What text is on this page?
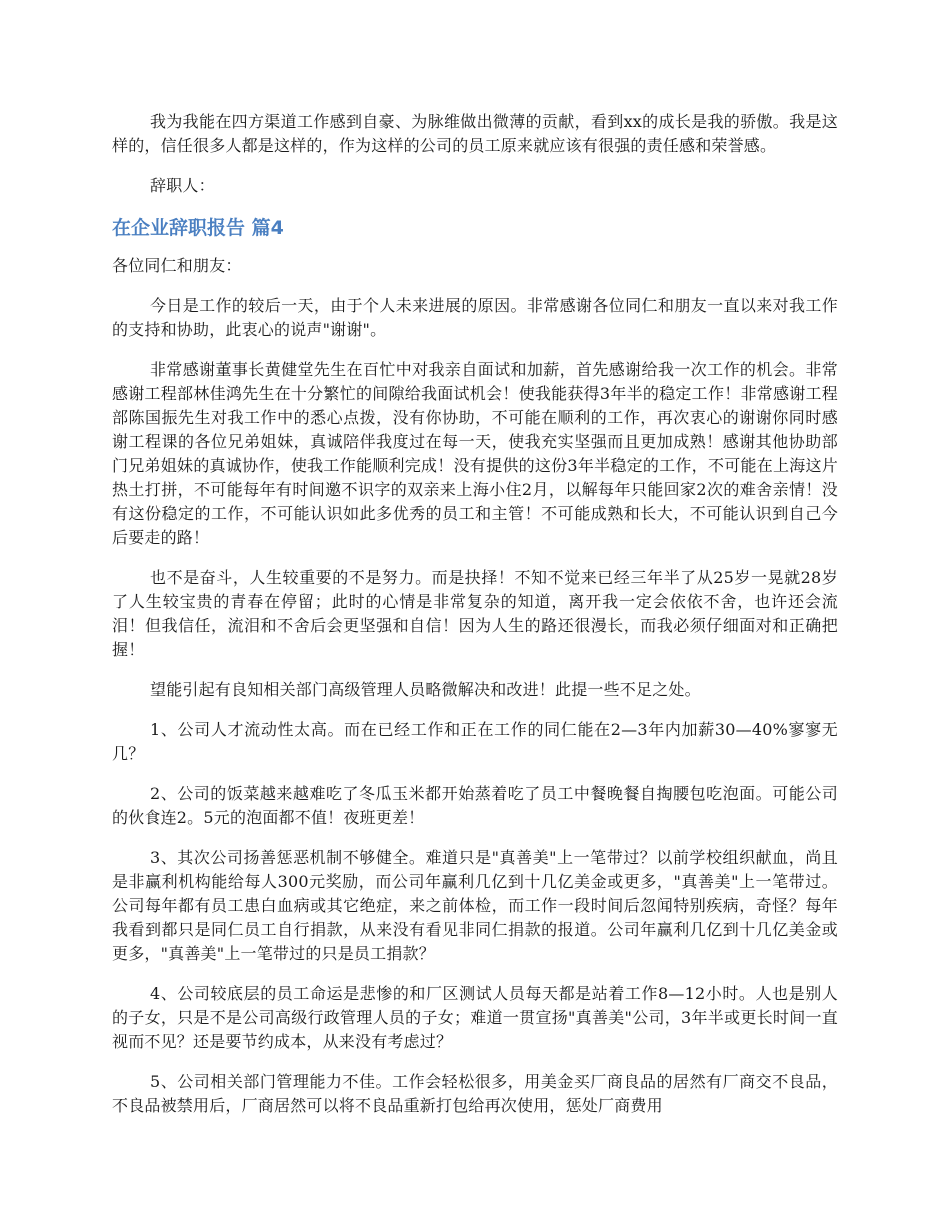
我为我能在四方渠道工作感到自豪、为脉维做出微薄的贡献，看到xx的成长是我的骄傲。我是这样的，信任很多人都是这样的，作为这样的公司的员工原来就应该有很强的责任感和荣誉感。

辞职人：

在企业辞职报告 篇4

各位同仁和朋友：

今日是工作的较后一天，由于个人未来进展的原因。非常感谢各位同仁和朋友一直以来对我工作的支持和协助，此衷心的说声"谢谢"。

非常感谢董事长黄健堂先生在百忙中对我亲自面试和加薪，首先感谢给我一次工作的机会。非常感谢工程部林佳鸿先生在十分繁忙的间隙给我面试机会！使我能获得3年半的稳定工作！非常感谢工程部陈国振先生对我工作中的悉心点拨，没有你协助，不可能在顺利的工作，再次衷心的谢谢你同时感谢工程课的各位兄弟姐妹，真诚陪伴我度过在每一天，使我充实坚强而且更加成熟！感谢其他协助部门兄弟姐妹的真诚协作，使我工作能顺利完成！没有提供的这份3年半稳定的工作，不可能在上海这片热土打拼，不可能每年有时间邀不识字的双亲来上海小住2月，以解每年只能回家2次的难舍亲情！没有这份稳定的工作，不可能认识如此多优秀的员工和主管！不可能成熟和长大，不可能认识到自己今后要走的路！

也不是奋斗，人生较重要的不是努力。而是抉择！不知不觉来已经三年半了从25岁一晃就28岁了人生较宝贵的青春在停留；此时的心情是非常复杂的知道，离开我一定会依依不舍，也许还会流泪！但我信任，流泪和不舍后会更坚强和自信！因为人生的路还很漫长，而我必须仔细面对和正确把握！

望能引起有良知相关部门高级管理人员略微解决和改进！此提一些不足之处。

1、公司人才流动性太高。而在已经工作和正在工作的同仁能在2—3年内加薪30—40%寥寥无几？

2、公司的饭菜越来越难吃了冬瓜玉米都开始蒸着吃了员工中餐晚餐自掏腰包吃泡面。可能公司的伙食连2。5元的泡面都不值！夜班更差！

3、其次公司扬善惩恶机制不够健全。难道只是"真善美"上一笔带过？以前学校组织献血，尚且是非赢利机构能给每人300元奖励，而公司年赢利几亿到十几亿美金或更多，"真善美"上一笔带过。公司每年都有员工患白血病或其它绝症，来之前体检，而工作一段时间后忽闻特别疾病，奇怪？每年我看到都只是同仁员工自行捐款，从来没有看见非同仁捐款的报道。公司年赢利几亿到十几亿美金或更多，"真善美"上一笔带过的只是员工捐款？

4、公司较底层的员工命运是悲惨的和厂区测试人员每天都是站着工作8—12小时。人也是别人的子女，只是不是公司高级行政管理人员的子女；难道一贯宣扬"真善美"公司，3年半或更长时间一直视而不见？还是要节约成本，从来没有考虑过？

5、公司相关部门管理能力不佳。工作会轻松很多，用美金买厂商良品的居然有厂商交不良品，不良品被禁用后，厂商居然可以将不良品重新打包给再次使用，惩处厂商费用
